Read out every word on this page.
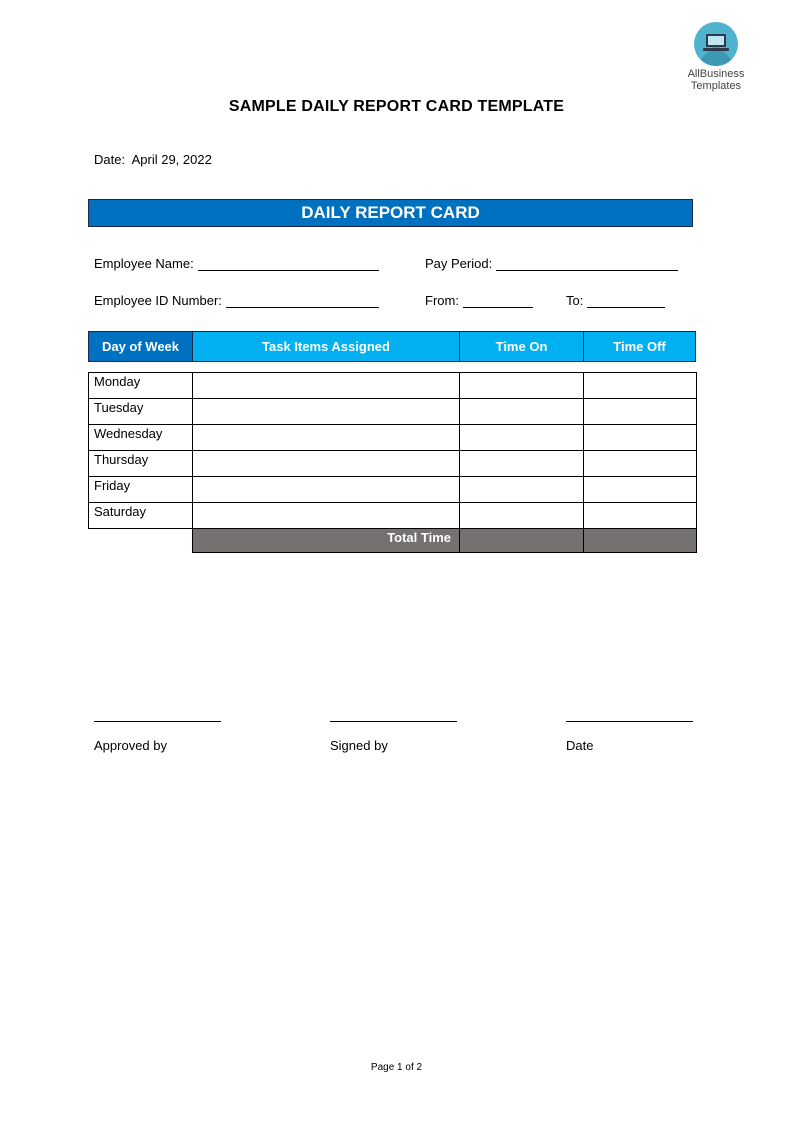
AllBusiness
Templates
SAMPLE DAILY REPORT CARD TEMPLATE
Date: April 29, 2022
DAILY REPORT CARD
Employee Name:	Pay Period:
Employee ID Number:	From:	To:
Day of Week	Task Items Assigned	Time On	Time Off
Monday
Tuesday
Wednesday
Thursday
Friday
Saturday
Total Time
Approved by	Signed by	Date
Page 1 of 2
